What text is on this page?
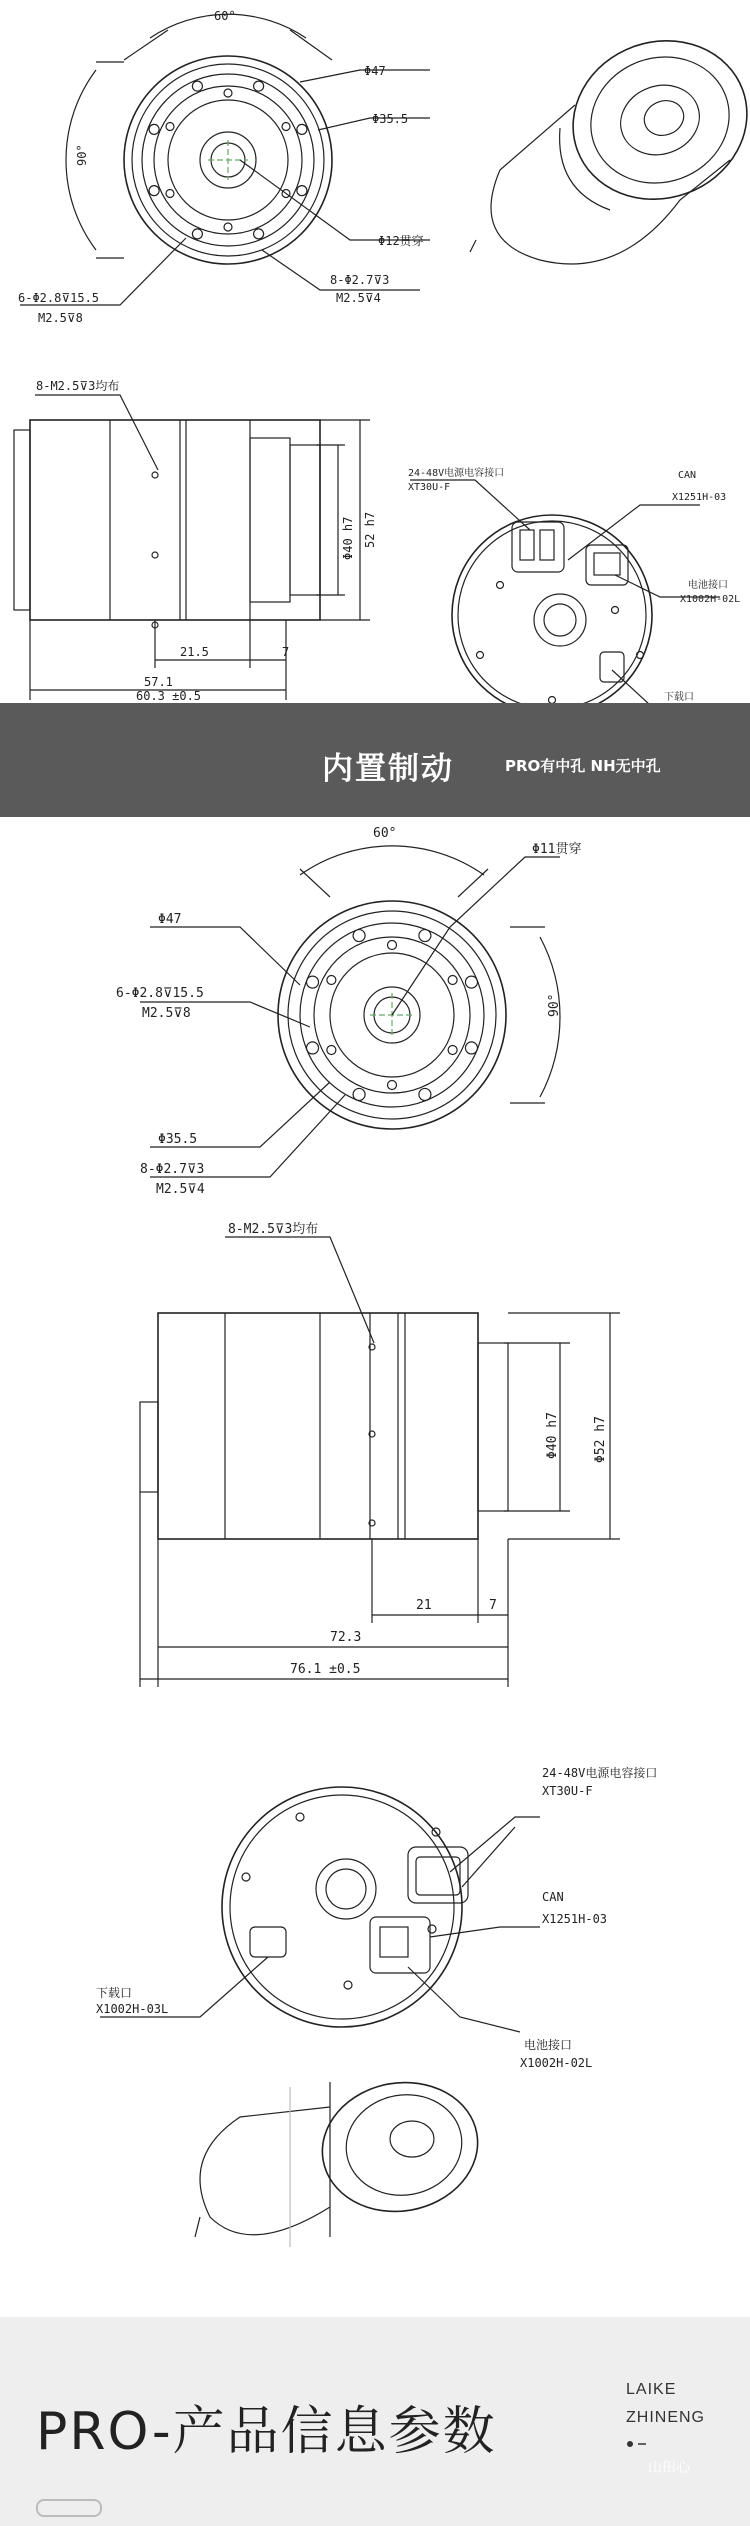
60°
90°
Φ47
Φ35.5
Φ12贯穿
8-Φ2.7⊽3
M2.5⊽4
6-Φ2.8⊽15.5
M2.5⊽8
8-M2.5⊽3均布
Φ40 h7 52 h7
21.5	7
57.1
60.3 ±0.5
24-48V电源电容接口
XT30U-F
CAN
X1251H-03
电池接口
X1002H-02L
下载口
内置制动	PRO有中孔 NH无中孔
60°
90°
Φ11贯穿
Φ47
6-Φ2.8⊽15.5
M2.5⊽8
Φ35.5
8-Φ2.7⊽3
M2.5⊽4
8-M2.5⊽3均布
Φ40 h7	Φ52 h7
21	7
72.3
76.1 ±0.5
24-48V电源电容接口
XT30U-F
CAN
X1251H-03
下载口
X1002H-03L
电池接口
X1002H-02L
PRO-产品信息参数
LAIKE
ZHINENG
山田心
